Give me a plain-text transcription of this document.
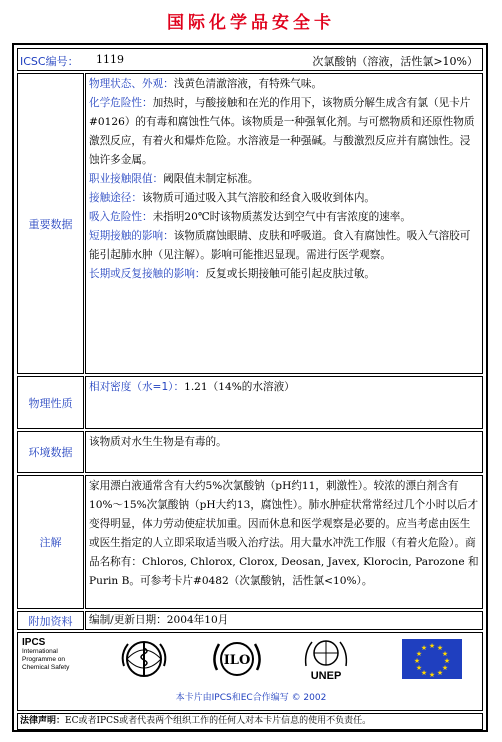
国际化学品安全卡
ICSC编号： 1119	次氯酸钠（溶液，活性氯>10%）
重要数据
物理状态、外观：浅黄色清澈溶液，有特殊气味。
化学危险性：加热时，与酸接触和在光的作用下，该物质分解生成含有氯（见卡片#0126）的有毒和腐蚀性气体。该物质是一种强氧化剂。与可燃物质和还原性物质激烈反应，有着火和爆炸危险。水溶液是一种强碱。与酸激烈反应并有腐蚀性。浸蚀许多金属。
职业接触限值：阈限值未制定标准。
接触途径：该物质可通过吸入其气溶胶和经食入吸收到体内。
吸入危险性：未指明20℃时该物质蒸发达到空气中有害浓度的速率。
短期接触的影响：该物质腐蚀眼睛、皮肤和呼吸道。食入有腐蚀性。吸入气溶胶可能引起肺水肿（见注解）。影响可能推迟显现。需进行医学观察。
长期或反复接触的影响：反复或长期接触可能引起皮肤过敏。
物理性质
相对密度（水=1）：1.21（14%的水溶液）
环境数据
该物质对水生生物是有毒的。
注解
家用漂白液通常含有大约5%次氯酸钠（pH约11，刺激性）。较浓的漂白剂含有10%～15%次氯酸钠（pH大约13，腐蚀性）。肺水肿症状常常经过几个小时以后才变得明显，体力劳动使症状加重。因而休息和医学观察是必要的。应当考虑由医生或医生指定的人立即采取适当吸入治疗法。用大量水冲洗工作服（有着火危险）。商品名称有：Chloros, Chlorox, Clorox, Deosan, Javex, Klorocin, Parozone 和Purin B。可参考卡片#0482（次氯酸钠，活性氯<10%）。
附加资料	编制/更新日期：2004年10月
IPCS
International
Programme on
Chemical Safety	ILO
UNEP
★ ★
★
★
★
★
★
★
★
★
★
★
本卡片由IPCS和EC合作编写 © 2002
法律声明：EC或者IPCS或者代表两个组织工作的任何人对本卡片信息的使用不负责任。
